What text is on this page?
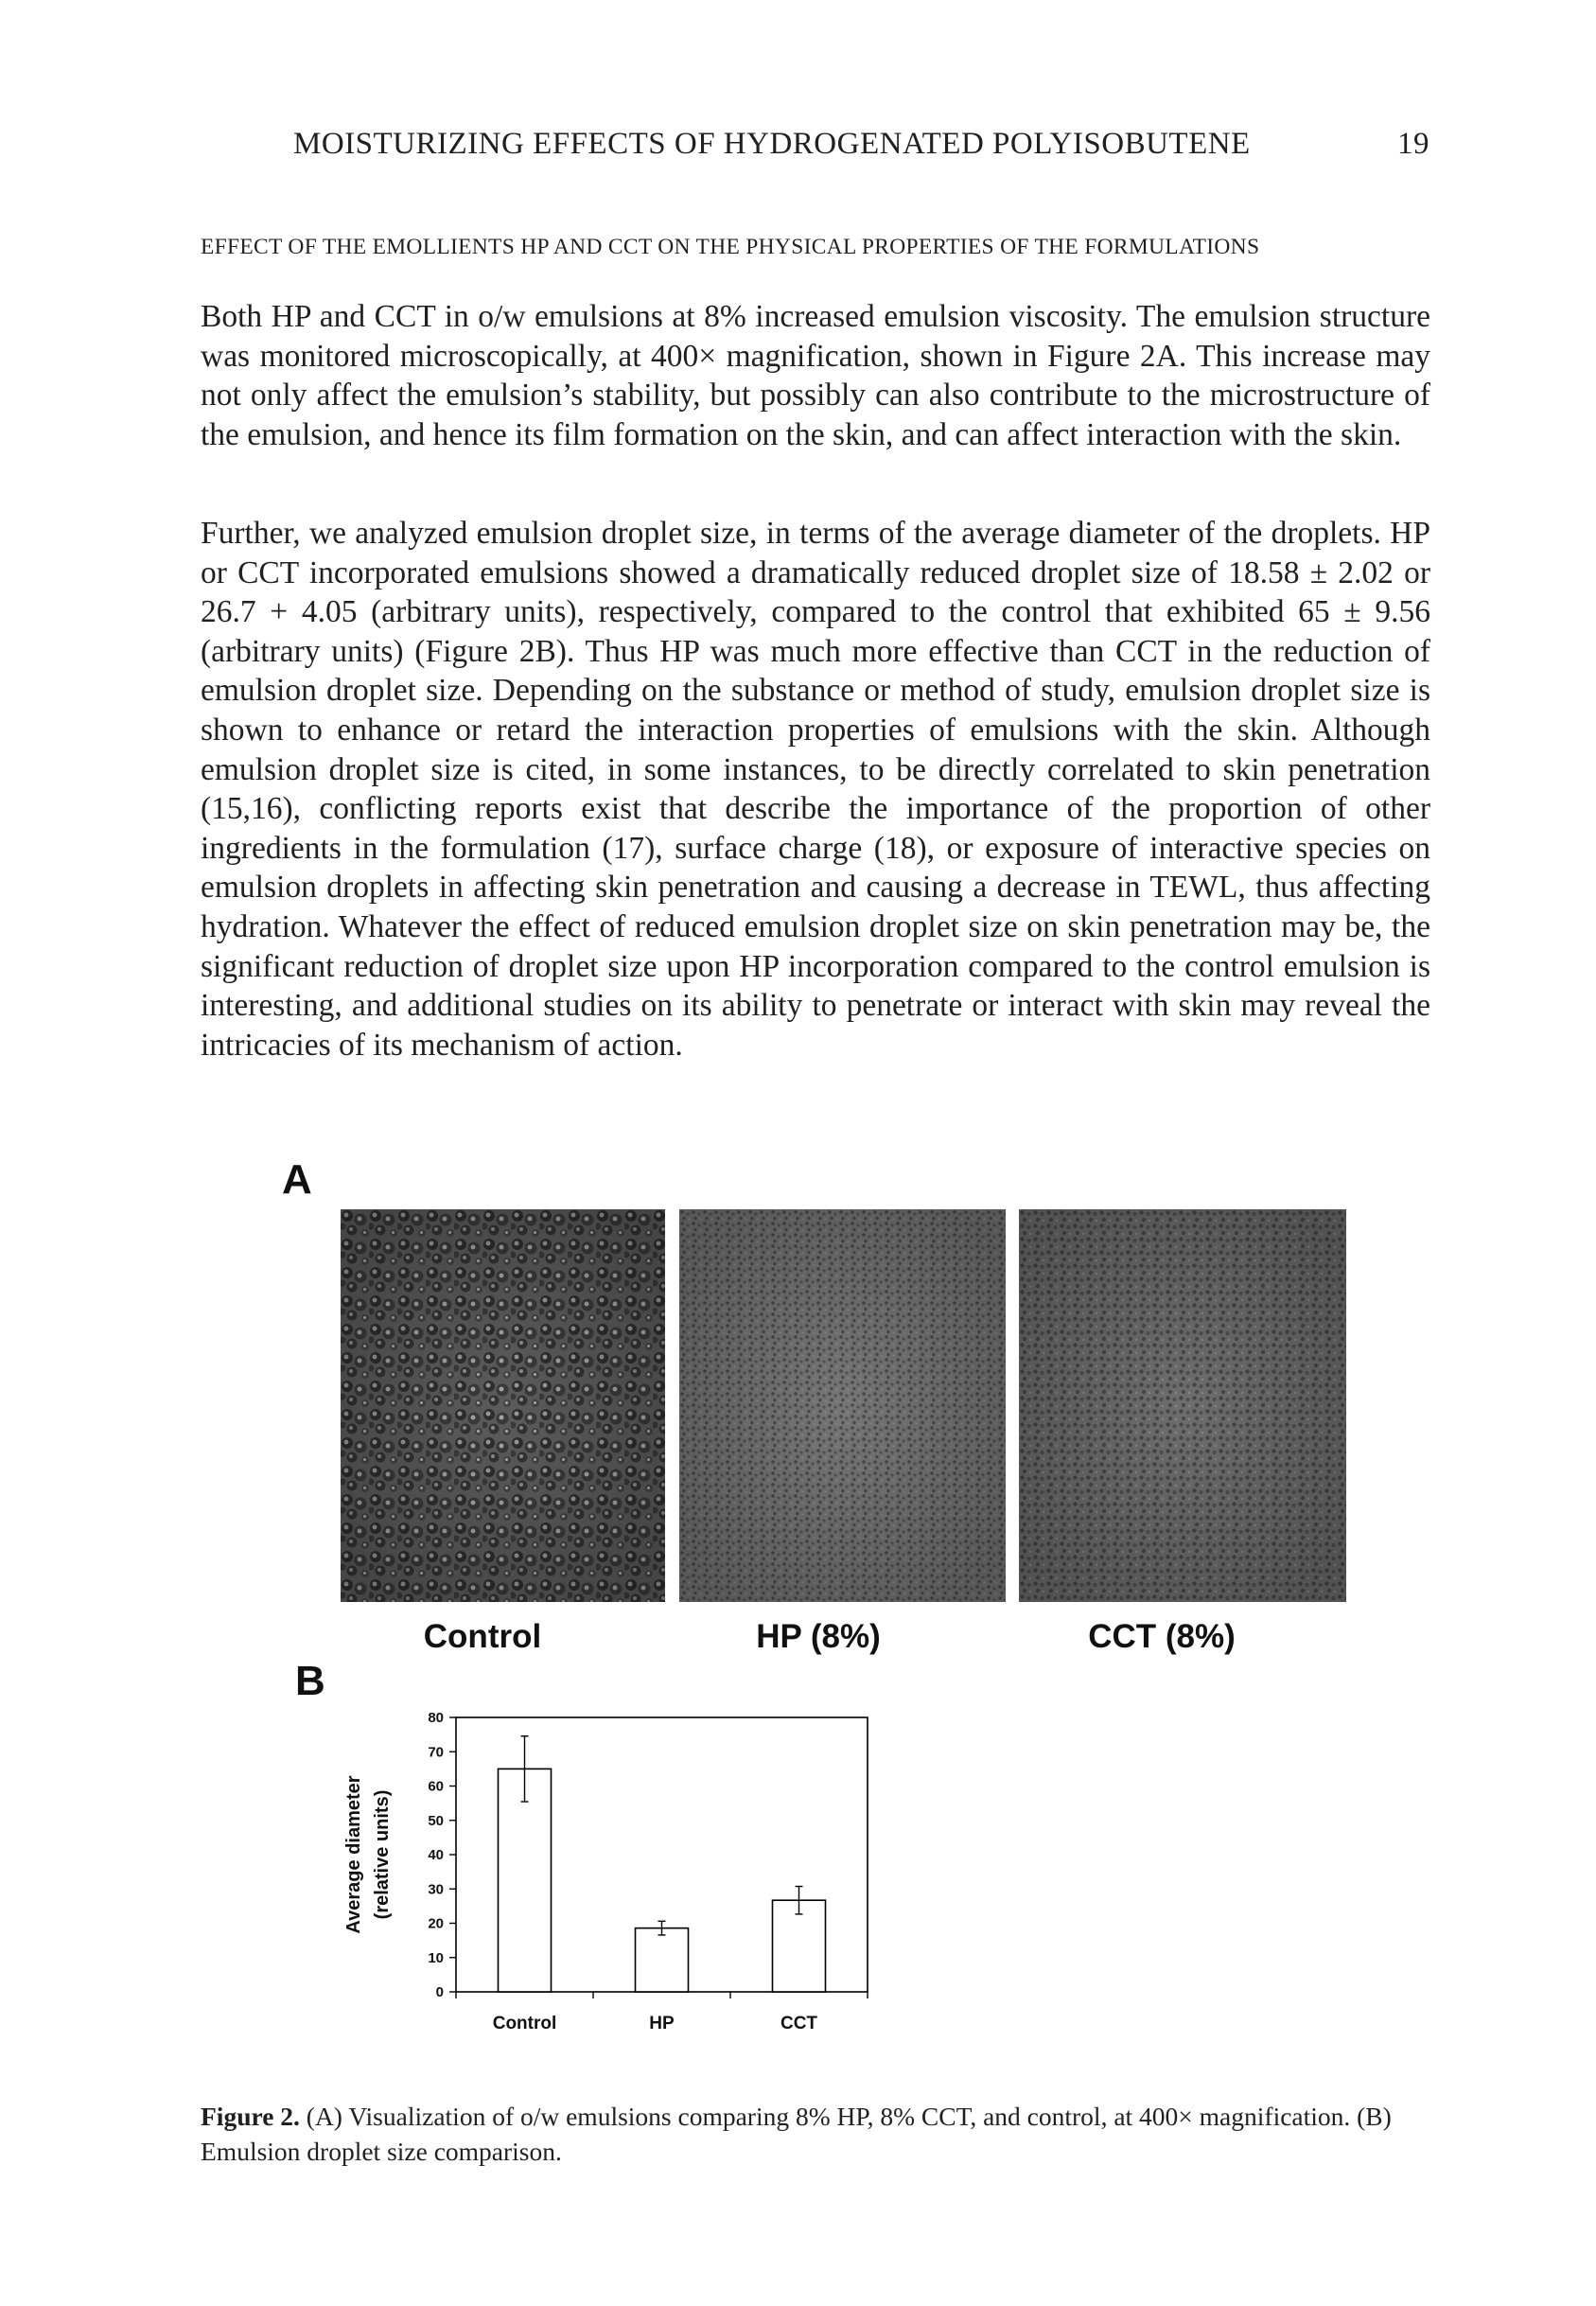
MOISTURIZING EFFECTS OF HYDROGENATED POLYISOBUTENE	19
EFFECT OF THE EMOLLIENTS HP AND CCT ON THE PHYSICAL PROPERTIES OF THE FORMULATIONS

Both HP and CCT in o/w emulsions at 8% increased emulsion viscosity. The emulsion structure was monitored microscopically, at 400× magnification, shown in Figure 2A. This increase may not only affect the emulsion’s stability, but possibly can also contribute to the microstructure of the emulsion, and hence its film formation on the skin, and can affect interaction with the skin.

Further, we analyzed emulsion droplet size, in terms of the average diameter of the droplets. HP or CCT incorporated emulsions showed a dramatically reduced droplet size of 18.58 ± 2.02 or 26.7 + 4.05 (arbitrary units), respectively, compared to the control that exhibited 65 ± 9.56 (arbitrary units) (Figure 2B). Thus HP was much more effective than CCT in the reduction of emulsion droplet size. Depending on the substance or method of study, emulsion droplet size is shown to enhance or retard the interaction properties of emulsions with the skin. Although emulsion droplet size is cited, in some instances, to be directly correlated to skin penetration (15,16), conflicting reports exist that describe the importance of the proportion of other ingredients in the formulation (17), surface charge (18), or exposure of interactive species on emulsion droplets in affecting skin penetration and causing a decrease in TEWL, thus affecting hydration. Whatever the effect of reduced emulsion droplet size on skin penetration may be, the significant reduction of droplet size upon HP incorporation compared to the control emulsion is interesting, and additional studies on its ability to penetrate or interact with skin may reveal the intricacies of its mechanism of action.

A
Control	HP (8%)	CCT (8%)
B
Average diameter (relative units)
0
10
20
30
40
50
60
70
80
Control	HP	CCT

Figure 2. (A) Visualization of o/w emulsions comparing 8% HP, 8% CCT, and control, at 400× magnification. (B) Emulsion droplet size comparison.
